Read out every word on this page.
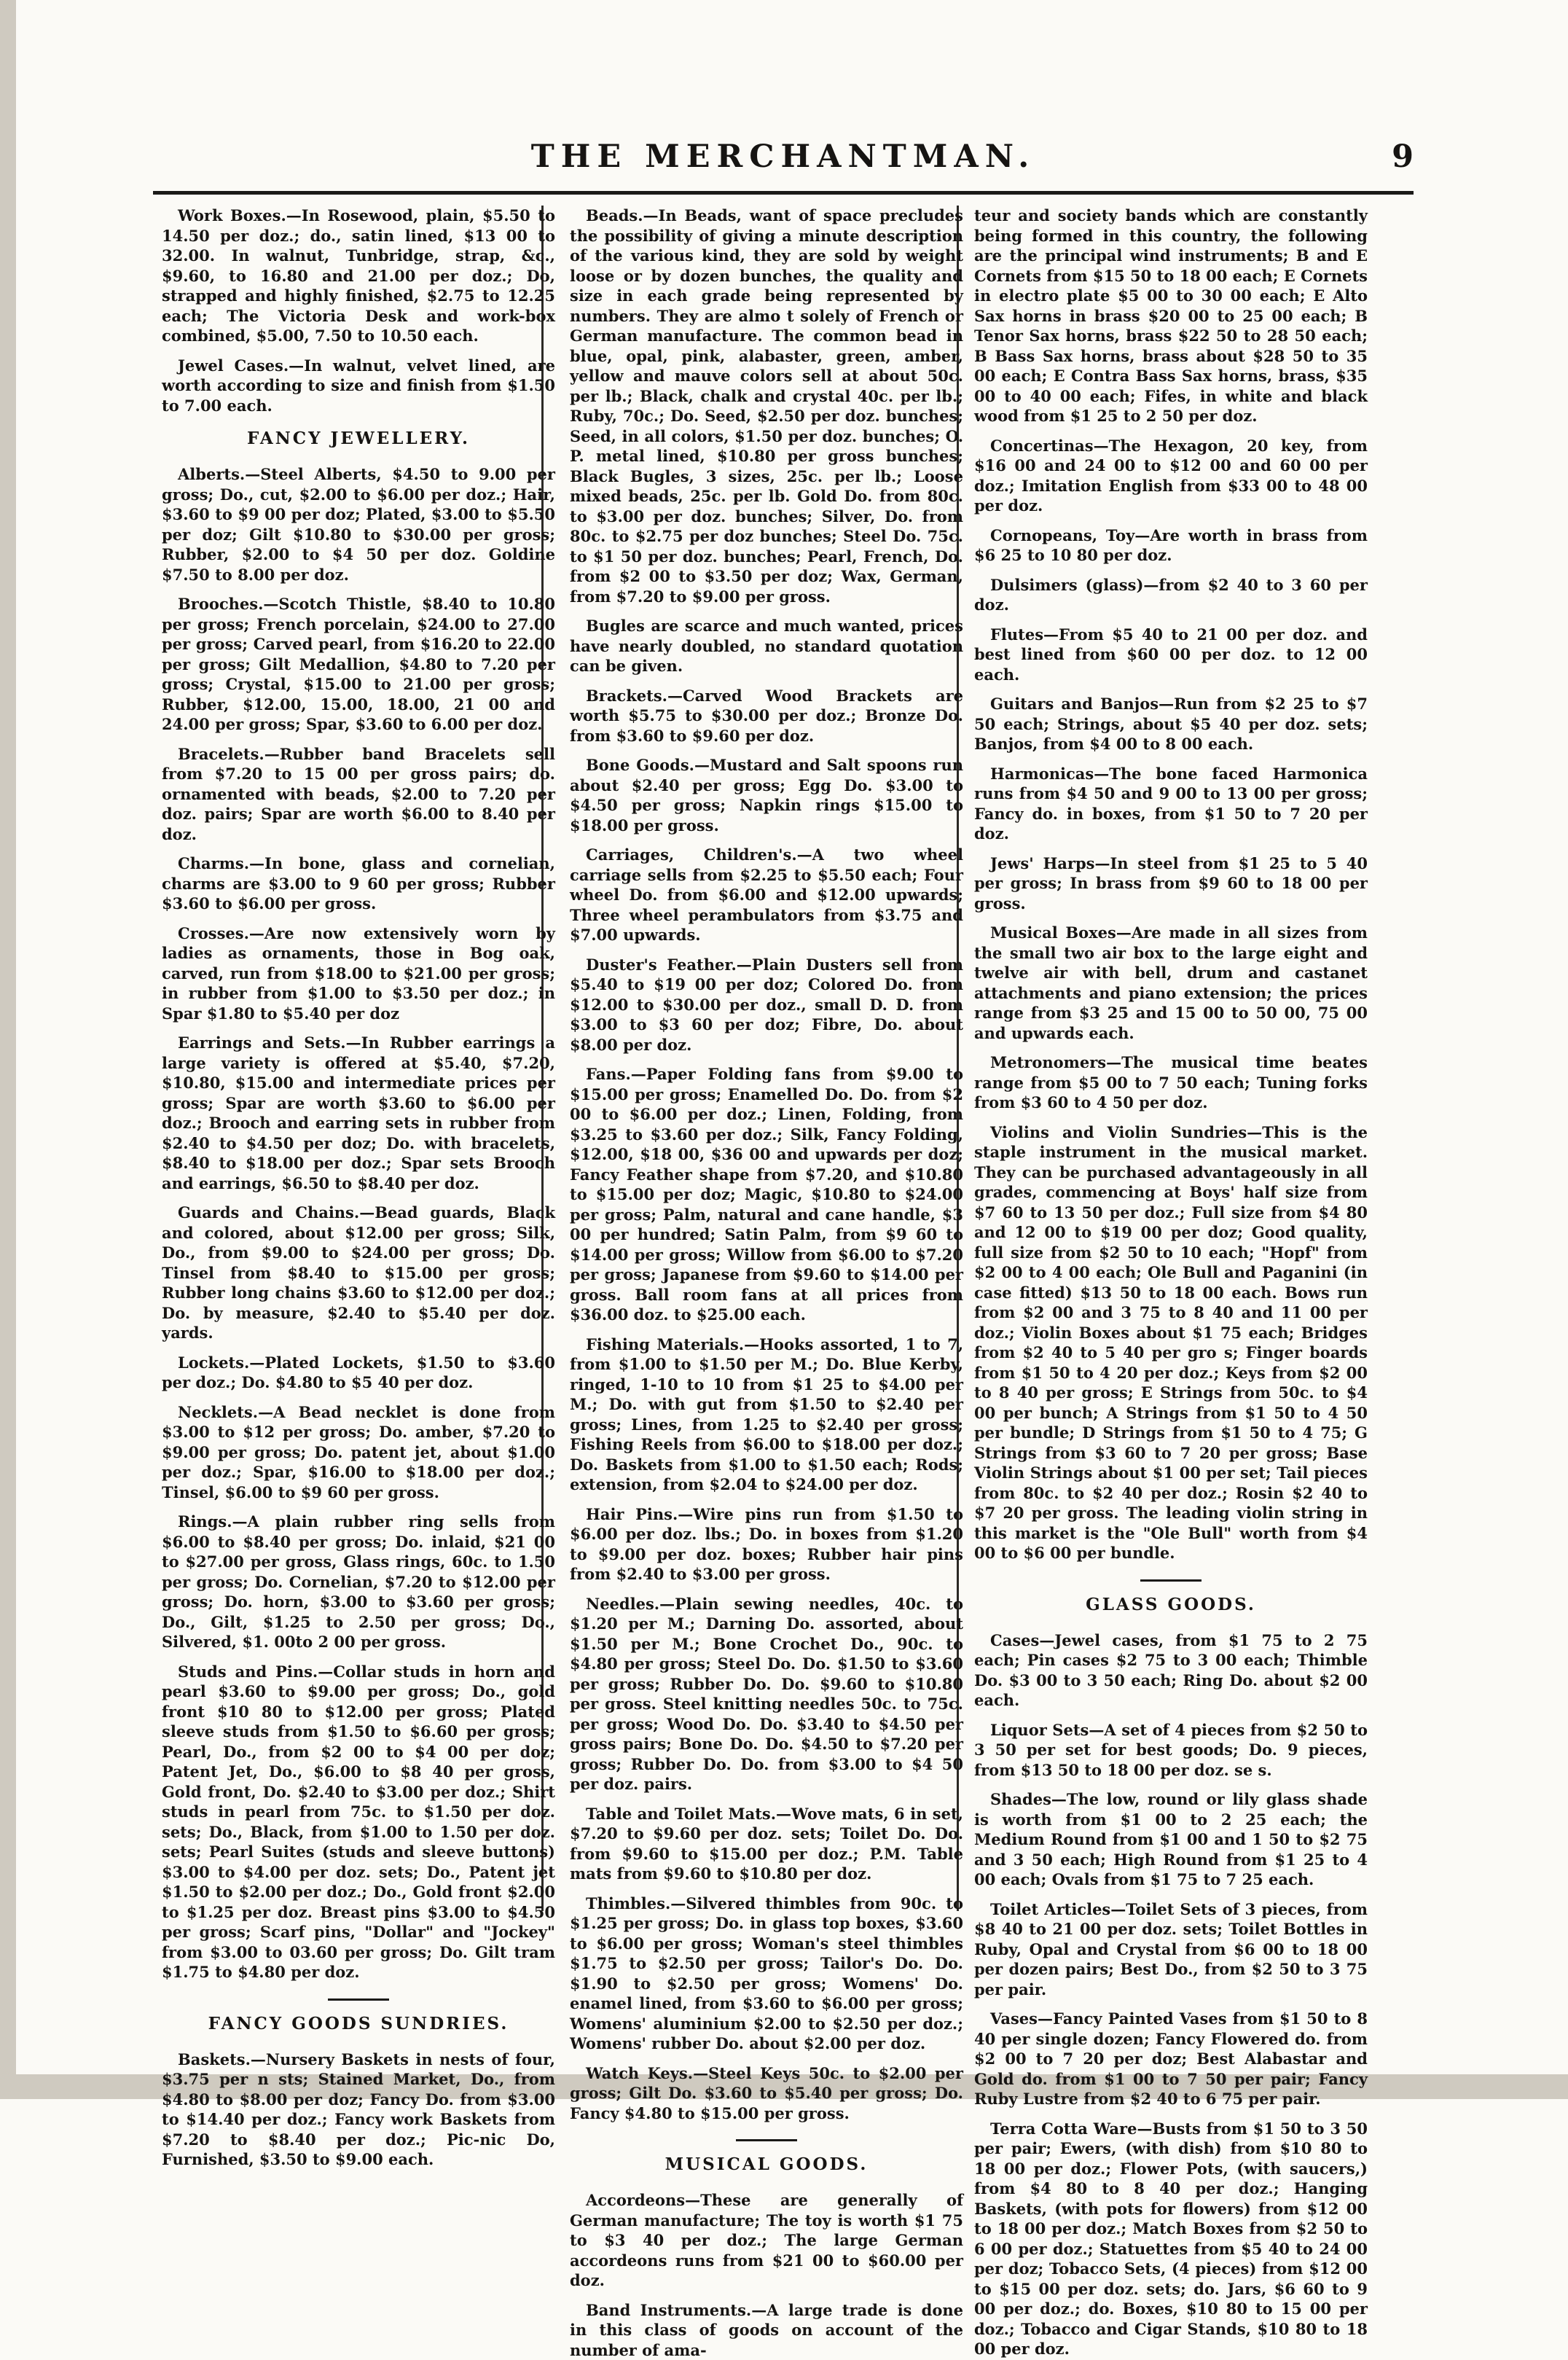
THE MERCHANTMAN.	9

Work Boxes.—In Rosewood, plain, $5.50 to 14.50 per doz.; do., satin lined, $13 00 to 32.00. In walnut, Tunbridge, strap, &c., $9.60, to 16.80 and 21.00 per doz.; Do, strapped and highly finished, $2.75 to 12.25 each; The Victoria Desk and work-box combined, $5.00, 7.50 to 10.50 each.

Jewel Cases.—In walnut, velvet lined, are worth according to size and finish from $1.50 to 7.00 each.

FANCY JEWELLERY.

Alberts.—Steel Alberts, $4.50 to 9.00 per gross; Do., cut, $2.00 to $6.00 per doz.; Hair, $3.60 to $9 00 per doz; Plated, $3.00 to $5.50 per doz; Gilt $10.80 to $30.00 per gross; Rubber, $2.00 to $4 50 per doz. Goldine $7.50 to 8.00 per doz.

Brooches.—Scotch Thistle, $8.40 to 10.80 per gross; French porcelain, $24.00 to 27.00 per gross; Carved pearl, from $16.20 to 22.00 per gross; Gilt Medallion, $4.80 to 7.20 per gross; Crystal, $15.00 to 21.00 per gross; Rubber, $12.00, 15.00, 18.00, 21 00 and 24.00 per gross; Spar, $3.60 to 6.00 per doz.

Bracelets.—Rubber band Bracelets sell from $7.20 to 15 00 per gross pairs; do. ornamented with beads, $2.00 to 7.20 per doz. pairs; Spar are worth $6.00 to 8.40 per doz.

Charms.—In bone, glass and cornelian, charms are $3.00 to 9 60 per gross; Rubber $3.60 to $6.00 per gross.

Crosses.—Are now extensively worn by ladies as ornaments, those in Bog oak, carved, run from $18.00 to $21.00 per gross; in rubber from $1.00 to $3.50 per doz.; in Spar $1.80 to $5.40 per doz

Earrings and Sets.—In Rubber earrings a large variety is offered at $5.40, $7.20, $10.80, $15.00 and intermediate prices per gross; Spar are worth $3.60 to $6.00 per doz.; Brooch and earring sets in rubber from $2.40 to $4.50 per doz; Do. with bracelets, $8.40 to $18.00 per doz.; Spar sets Brooch and earrings, $6.50 to $8.40 per doz.

Guards and Chains.—Bead guards, Black and colored, about $12.00 per gross; Silk, Do., from $9.00 to $24.00 per gross; Do. Tinsel from $8.40 to $15.00 per gross; Rubber long chains $3.60 to $12.00 per doz.; Do. by measure, $2.40 to $5.40 per doz. yards.

Lockets.—Plated Lockets, $1.50 to $3.60 per doz.; Do. $4.80 to $5 40 per doz.

Necklets.—A Bead necklet is done from $3.00 to $12 per gross; Do. amber, $7.20 to $9.00 per gross; Do. patent jet, about $1.00 per doz.; Spar, $16.00 to $18.00 per doz.; Tinsel, $6.00 to $9 60 per gross.

Rings.—A plain rubber ring sells from $6.00 to $8.40 per gross; Do. inlaid, $21 00 to $27.00 per gross, Glass rings, 60c. to 1.50 per gross; Do. Cornelian, $7.20 to $12.00 per gross; Do. horn, $3.00 to $3.60 per gross; Do., Gilt, $1.25 to 2.50 per gross; Do., Silvered, $1. 00to 2 00 per gross.

Studs and Pins.—Collar studs in horn and pearl $3.60 to $9.00 per gross; Do., gold front $10 80 to $12.00 per gross; Plated sleeve studs from $1.50 to $6.60 per gross; Pearl, Do., from $2 00 to $4 00 per doz; Patent Jet, Do., $6.00 to $8 40 per gross, Gold front, Do. $2.40 to $3.00 per doz.; Shirt studs in pearl from 75c. to $1.50 per doz. sets; Do., Black, from $1.00 to 1.50 per doz. sets; Pearl Suites (studs and sleeve buttons) $3.00 to $4.00 per doz. sets; Do., Patent jet $1.50 to $2.00 per doz.; Do., Gold front $2.00 to $1.25 per doz. Breast pins $3.00 to $4.50 per gross; Scarf pins, "Dollar" and "Jockey" from $3.00 to 03.60 per gross; Do. Gilt tram $1.75 to $4.80 per doz.

FANCY GOODS SUNDRIES.

Baskets.—Nursery Baskets in nests of four, $3.75 per n sts; Stained Market, Do., from $4.80 to $8.00 per doz; Fancy Do. from $3.00 to $14.40 per doz.; Fancy work Baskets from $7.20 to $8.40 per doz.; Pic-nic Do, Furnished, $3.50 to $9.00 each.

Beads.—In Beads, want of space precludes the possibility of giving a minute description of the various kind, they are sold by weight loose or by dozen bunches, the quality and size in each grade being represented by numbers. They are almo t solely of French or German manufacture. The common bead in blue, opal, pink, alabaster, green, amber, yellow and mauve colors sell at about 50c. per lb.; Black, chalk and crystal 40c. per lb.; Ruby, 70c.; Do. Seed, $2.50 per doz. bunches; Seed, in all colors, $1.50 per doz. bunches; O. P. metal lined, $10.80 per gross bunches; Black Bugles, 3 sizes, 25c. per lb.; Loose mixed beads, 25c. per lb. Gold Do. from 80c. to $3.00 per doz. bunches; Silver, Do. from 80c. to $2.75 per doz bunches; Steel Do. 75c. to $1 50 per doz. bunches; Pearl, French, Do. from $2 00 to $3.50 per doz; Wax, German, from $7.20 to $9.00 per gross.

Bugles are scarce and much wanted, prices have nearly doubled, no standard quotation can be given.

Brackets.—Carved Wood Brackets are worth $5.75 to $30.00 per doz.; Bronze Do. from $3.60 to $9.60 per doz.

Bone Goods.—Mustard and Salt spoons run about $2.40 per gross; Egg Do. $3.00 to $4.50 per gross; Napkin rings $15.00 to $18.00 per gross.

Carriages, Children's.—A two wheel carriage sells from $2.25 to $5.50 each; Four wheel Do. from $6.00 and $12.00 upwards; Three wheel perambulators from $3.75 and $7.00 upwards.

Duster's Feather.—Plain Dusters sell from $5.40 to $19 00 per doz; Colored Do. from $12.00 to $30.00 per doz., small D. D. from $3.00 to $3 60 per doz; Fibre, Do. about $8.00 per doz.

Fans.—Paper Folding fans from $9.00 to $15.00 per gross; Enamelled Do. Do. from $2 00 to $6.00 per doz.; Linen, Folding, from $3.25 to $3.60 per doz.; Silk, Fancy Folding, $12.00, $18 00, $36 00 and upwards per doz; Fancy Feather shape from $7.20, and $10.80 to $15.00 per doz; Magic, $10.80 to $24.00 per gross; Palm, natural and cane handle, $3 00 per hundred; Satin Palm, from $9 60 to $14.00 per gross; Willow from $6.00 to $7.20 per gross; Japanese from $9.60 to $14.00 per gross. Ball room fans at all prices from $36.00 doz. to $25.00 each.

Fishing Materials.—Hooks assorted, 1 to 7, from $1.00 to $1.50 per M.; Do. Blue Kerby, ringed, 1-10 to 10 from $1 25 to $4.00 per M.; Do. with gut from $1.50 to $2.40 per gross; Lines, from 1.25 to $2.40 per gross; Fishing Reels from $6.00 to $18.00 per doz.; Do. Baskets from $1.00 to $1.50 each; Rods; extension, from $2.04 to $24.00 per doz.

Hair Pins.—Wire pins run from $1.50 to $6.00 per doz. lbs.; Do. in boxes from $1.20 to $9.00 per doz. boxes; Rubber hair pins from $2.40 to $3.00 per gross.

Needles.—Plain sewing needles, 40c. to $1.20 per M.; Darning Do. assorted, about $1.50 per M.; Bone Crochet Do., 90c. to $4.80 per gross; Steel Do. Do. $1.50 to $3.60 per gross; Rubber Do. Do. $9.60 to $10.80 per gross. Steel knitting needles 50c. to 75c. per gross; Wood Do. Do. $3.40 to $4.50 per gross pairs; Bone Do. Do. $4.50 to $7.20 per gross; Rubber Do. Do. from $3.00 to $4 50 per doz. pairs.

Table and Toilet Mats.—Wove mats, 6 in set, $7.20 to $9.60 per doz. sets; Toilet Do. Do. from $9.60 to $15.00 per doz.; P.M. Table mats from $9.60 to $10.80 per doz.

Thimbles.—Silvered thimbles from 90c. to $1.25 per gross; Do. in glass top boxes, $3.60 to $6.00 per gross; Woman's steel thimbles $1.75 to $2.50 per gross; Tailor's Do. Do. $1.90 to $2.50 per gross; Womens' Do. enamel lined, from $3.60 to $6.00 per gross; Womens' aluminium $2.00 to $2.50 per doz.; Womens' rubber Do. about $2.00 per doz.

Watch Keys.—Steel Keys 50c. to $2.00 per gross; Gilt Do. $3.60 to $5.40 per gross; Do. Fancy $4.80 to $15.00 per gross.

MUSICAL GOODS.

Accordeons—These are generally of German manufacture; The toy is worth $1 75 to $3 40 per doz.; The large German accordeons runs from $21 00 to $60.00 per doz.

Band Instruments.—A large trade is done in this class of goods on account of the number of ama-

teur and society bands which are constantly being formed in this country, the following are the principal wind instruments; B and E Cornets from $15 50 to 18 00 each; E Cornets in electro plate $5 00 to 30 00 each; E Alto Sax horns in brass $20 00 to 25 00 each; B Tenor Sax horns, brass $22 50 to 28 50 each; B Bass Sax horns, brass about $28 50 to 35 00 each; E Contra Bass Sax horns, brass, $35 00 to 40 00 each; Fifes, in white and black wood from $1 25 to 2 50 per doz.

Concertinas—The Hexagon, 20 key, from $16 00 and 24 00 to $12 00 and 60 00 per doz.; Imitation English from $33 00 to 48 00 per doz.

Cornopeans, Toy—Are worth in brass from $6 25 to 10 80 per doz.

Dulsimers (glass)—from $2 40 to 3 60 per doz.

Flutes—From $5 40 to 21 00 per doz. and best lined from $60 00 per doz. to 12 00 each.

Guitars and Banjos—Run from $2 25 to $7 50 each; Strings, about $5 40 per doz. sets; Banjos, from $4 00 to 8 00 each.

Harmonicas—The bone faced Harmonica runs from $4 50 and 9 00 to 13 00 per gross; Fancy do. in boxes, from $1 50 to 7 20 per doz.

Jews' Harps—In steel from $1 25 to 5 40 per gross; In brass from $9 60 to 18 00 per gross.

Musical Boxes—Are made in all sizes from the small two air box to the large eight and twelve air with bell, drum and castanet attachments and piano extension; the prices range from $3 25 and 15 00 to 50 00, 75 00 and upwards each.

Metronomers—The musical time beates range from $5 00 to 7 50 each; Tuning forks from $3 60 to 4 50 per doz.

Violins and Violin Sundries—This is the staple instrument in the musical market. They can be purchased advantageously in all grades, commencing at Boys' half size from $7 60 to 13 50 per doz.; Full size from $4 80 and 12 00 to $19 00 per doz; Good quality, full size from $2 50 to 10 each; "Hopf" from $2 00 to 4 00 each; Ole Bull and Paganini (in case fitted) $13 50 to 18 00 each. Bows run from $2 00 and 3 75 to 8 40 and 11 00 per doz.; Violin Boxes about $1 75 each; Bridges from $2 40 to 5 40 per gro s; Finger boards from $1 50 to 4 20 per doz.; Keys from $2 00 to 8 40 per gross; E Strings from 50c. to $4 00 per bunch; A Strings from $1 50 to 4 50 per bundle; D Strings from $1 50 to 4 75; G Strings from $3 60 to 7 20 per gross; Base Violin Strings about $1 00 per set; Tail pieces from 80c. to $2 40 per doz.; Rosin $2 40 to $7 20 per gross. The leading violin string in this market is the "Ole Bull" worth from $4 00 to $6 00 per bundle.

GLASS GOODS.

Cases—Jewel cases, from $1 75 to 2 75 each; Pin cases $2 75 to 3 00 each; Thimble Do. $3 00 to 3 50 each; Ring Do. about $2 00 each.

Liquor Sets—A set of 4 pieces from $2 50 to 3 50 per set for best goods; Do. 9 pieces, from $13 50 to 18 00 per doz. se s.

Shades—The low, round or lily glass shade is worth from $1 00 to 2 25 each; the Medium Round from $1 00 and 1 50 to $2 75 and 3 50 each; High Round from $1 25 to 4 00 each; Ovals from $1 75 to 7 25 each.

Toilet Articles—Toilet Sets of 3 pieces, from $8 40 to 21 00 per doz. sets; Toilet Bottles in Ruby, Opal and Crystal from $6 00 to 18 00 per dozen pairs; Best Do., from $2 50 to 3 75 per pair.

Vases—Fancy Painted Vases from $1 50 to 8 40 per single dozen; Fancy Flowered do. from $2 00 to 7 20 per doz; Best Alabastar and Gold do. from $1 00 to 7 50 per pair; Fancy Ruby Lustre from $2 40 to 6 75 per pair.

Terra Cotta Ware—Busts from $1 50 to 3 50 per pair; Ewers, (with dish) from $10 80 to 18 00 per doz.; Flower Pots, (with saucers,) from $4 80 to 8 40 per doz.; Hanging Baskets, (with pots for flowers) from $12 00 to 18 00 per doz.; Match Boxes from $2 50 to 6 00 per doz.; Statuettes from $5 40 to 24 00 per doz; Tobacco Sets, (4 pieces) from $12 00 to $15 00 per doz. sets; do. Jars, $6 60 to 9 00 per doz.; do. Boxes, $10 80 to 15 00 per doz.; Tobacco and Cigar Stands, $10 80 to 18 00 per doz.
